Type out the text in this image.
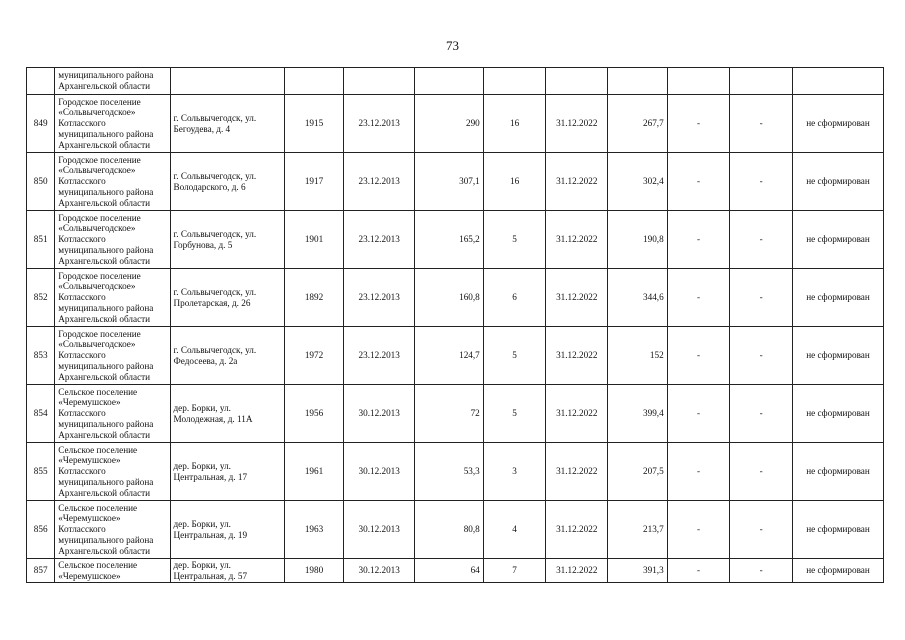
73
	муниципального района Архангельской области										
849	Городское поселение «Сольвычегодское» Котласского муниципального района Архангельской области	г. Сольвычегодск, ул. Бегоудева, д. 4	1915	23.12.2013	290	16	31.12.2022	267,7	-	-	не сформирован
850	Городское поселение «Сольвычегодское» Котласского муниципального района Архангельской области	г. Сольвычегодск, ул. Володарского, д. 6	1917	23.12.2013	307,1	16	31.12.2022	302,4	-	-	не сформирован
851	Городское поселение «Сольвычегодское» Котласского муниципального района Архангельской области	г. Сольвычегодск, ул. Горбунова, д. 5	1901	23.12.2013	165,2	5	31.12.2022	190,8	-	-	не сформирован
852	Городское поселение «Сольвычегодское» Котласского муниципального района Архангельской области	г. Сольвычегодск, ул. Пролетарская, д. 26	1892	23.12.2013	160,8	6	31.12.2022	344,6	-	-	не сформирован
853	Городское поселение «Сольвычегодское» Котласского муниципального района Архангельской области	г. Сольвычегодск, ул. Федосеева, д. 2а	1972	23.12.2013	124,7	5	31.12.2022	152	-	-	не сформирован
854	Сельское поселение «Черемушское» Котласского муниципального района Архангельской области	дер. Борки, ул. Молодежная, д. 11А	1956	30.12.2013	72	5	31.12.2022	399,4	-	-	не сформирован
855	Сельское поселение «Черемушское» Котласского муниципального района Архангельской области	дер. Борки, ул. Центральная, д. 17	1961	30.12.2013	53,3	3	31.12.2022	207,5	-	-	не сформирован
856	Сельское поселение «Черемушское» Котласского муниципального района Архангельской области	дер. Борки, ул. Центральная, д. 19	1963	30.12.2013	80,8	4	31.12.2022	213,7	-	-	не сформирован
857	Сельское поселение «Черемушское»	дер. Борки, ул. Центральная, д. 57	1980	30.12.2013	64	7	31.12.2022	391,3	-	-	не сформирован
